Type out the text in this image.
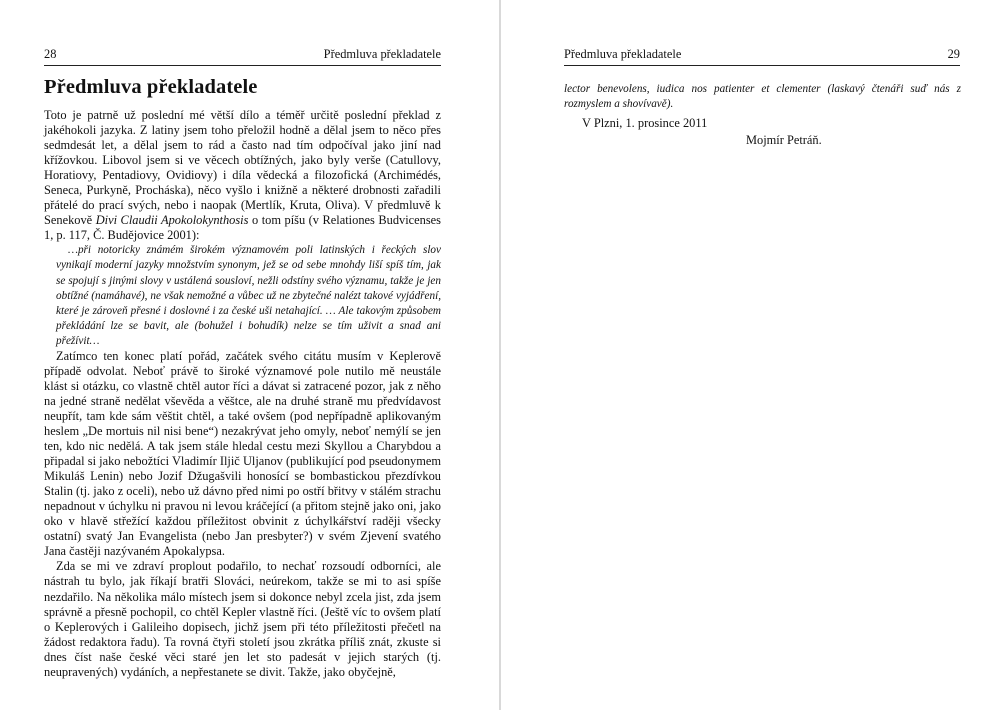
28	Předmluva překladatele
Předmluva překladatele

Toto je patrně už poslední mé větší dílo a téměř určitě poslední překlad z jakéhokoli jazyka. Z latiny jsem toho přeložil hodně a dělal jsem to něco přes sedmdesát let, a dělal jsem to rád a často nad tím odpočíval jako jiní nad křížovkou. Libovol jsem si ve věcech obtížných, jako byly verše (Catullovy, Horatiovy, Pentadiovy, Ovidiovy) i díla vědecká a filozofická (Archimédés, Seneca, Purkyně, Procháska), něco vyšlo i knižně a některé drobnosti zařadili přátelé do prací svých, nebo i naopak (Mertlík, Kruta, Oliva). V předmluvě k Senekově Divi Claudii Apokolokynthosis o tom píšu (v Relationes Budvicenses 1, p. 117, Č. Budějovice 2001):

…při notoricky známém širokém významovém poli latinských i řeckých slov vynikají moderní jazyky množstvím synonym, jež se od sebe mnohdy liší spíš tím, jak se spojují s jinými slovy v ustálená sousloví, nežli odstíny svého významu, takže je jen obtížné (namáhavé), ne však nemožné a vůbec už ne zbytečné nalézt takové vyjádření, které je zároveň přesné i doslovné i za české uši netahající. … Ale takovým způsobem překládání lze se bavit, ale (bohužel i bohudík) nelze se tím uživit a snad ani přežívit…

Zatímco ten konec platí pořád, začátek svého citátu musím v Keplerově případě odvolat. Neboť právě to široké významové pole nutilo mě neustále klást si otázku, co vlastně chtěl autor říci a dávat si zatracené pozor, jak z něho na jedné straně nedělat vševěda a věštce, ale na druhé straně mu předvídavost neupřít, tam kde sám věštit chtěl, a také ovšem (pod nepřípadně aplikovaným heslem „De mortuis nil nisi bene“) nezakrývat jeho omyly, neboť nemýlí se jen ten, kdo nic nedělá. A tak jsem stále hledal cestu mezi Skyllou a Charybdou a připadal si jako nebožtíci Vladimír Iljič Uljanov (publikující pod pseudonymem Mikuláš Lenin) nebo Jozif Džugašvili honosící se bombastickou přezdívkou Stalin (tj. jako z oceli), nebo už dávno před nimi po ostří břitvy v stálém strachu nepadnout v úchylku ni pravou ni levou kráčející (a přitom stejně jako oni, jako oko v hlavě střežící každou příležitost obvinit z úchylkářství raději všecky ostatní) svatý Jan Evangelista (nebo Jan presbyter?) v svém Zjevení svatého Jana častěji nazývaném Apokalypsa.

Zda se mi ve zdraví proplout podařilo, to nechať rozsoudí odborníci, ale nástrah tu bylo, jak říkají bratři Slováci, neúrekom, takže se mi to asi spíše nezdařilo. Na několika málo místech jsem si dokonce nebyl zcela jist, zda jsem správně a přesně pochopil, co chtěl Kepler vlastně říci. (Ještě víc to ovšem platí o Keplerových i Galileiho dopisech, jichž jsem při této příležitosti přečetl na žádost redaktora řadu). Ta rovná čtyři století jsou zkrátka příliš znát, zkuste si dnes číst naše české věci staré jen let sto padesát v jejich starých (tj. neupravených) vydáních, a nepřestanete se divit. Takže, jako obyčejně,

Předmluva překladatele	29

lector benevolens, iudica nos patienter et clementer (laskavý čtenáři suď nás z rozmyslem a shovívavě).

V Plzni, 1. prosince 2011

Mojmír Petráň.
